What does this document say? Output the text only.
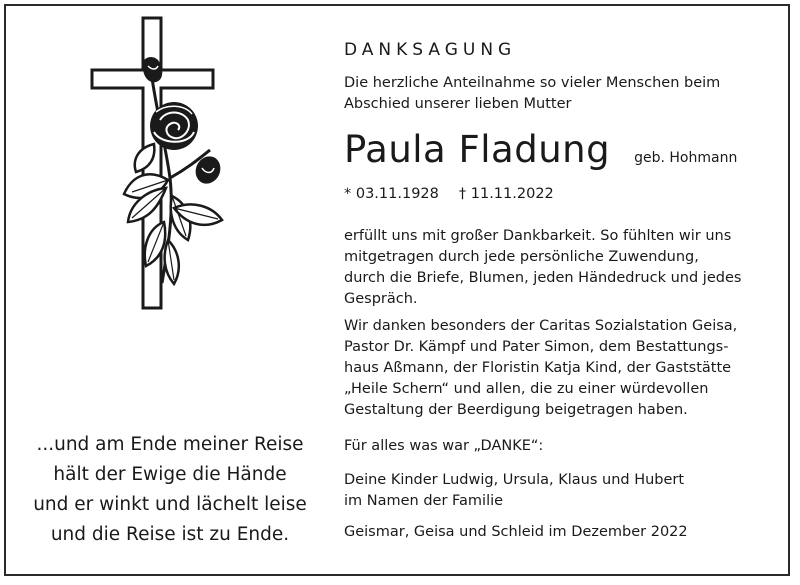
...und am Ende meiner Reise
hält der Ewige die Hände
und er winkt und lächelt leise
und die Reise ist zu Ende.
DANKSAGUNG
Die herzliche Anteilnahme so vieler Menschen beim
Abschied unserer lieben Mutter
Paula Fladung geb. Hohmann
* 03.11.1928 † 11.11.2022
erfüllt uns mit großer Dankbarkeit. So fühlten wir uns
mitgetragen durch jede persönliche Zuwendung,
durch die Briefe, Blumen, jeden Händedruck und jedes
Gespräch.
Wir danken besonders der Caritas Sozialstation Geisa,
Pastor Dr. Kämpf und Pater Simon, dem Bestattungs-
haus Aßmann, der Floristin Katja Kind, der Gaststätte
„Heile Schern“ und allen, die zu einer würdevollen
Gestaltung der Beerdigung beigetragen haben.
Für alles was war „DANKE“:
Deine Kinder Ludwig, Ursula, Klaus und Hubert
im Namen der Familie
Geismar, Geisa und Schleid im Dezember 2022
